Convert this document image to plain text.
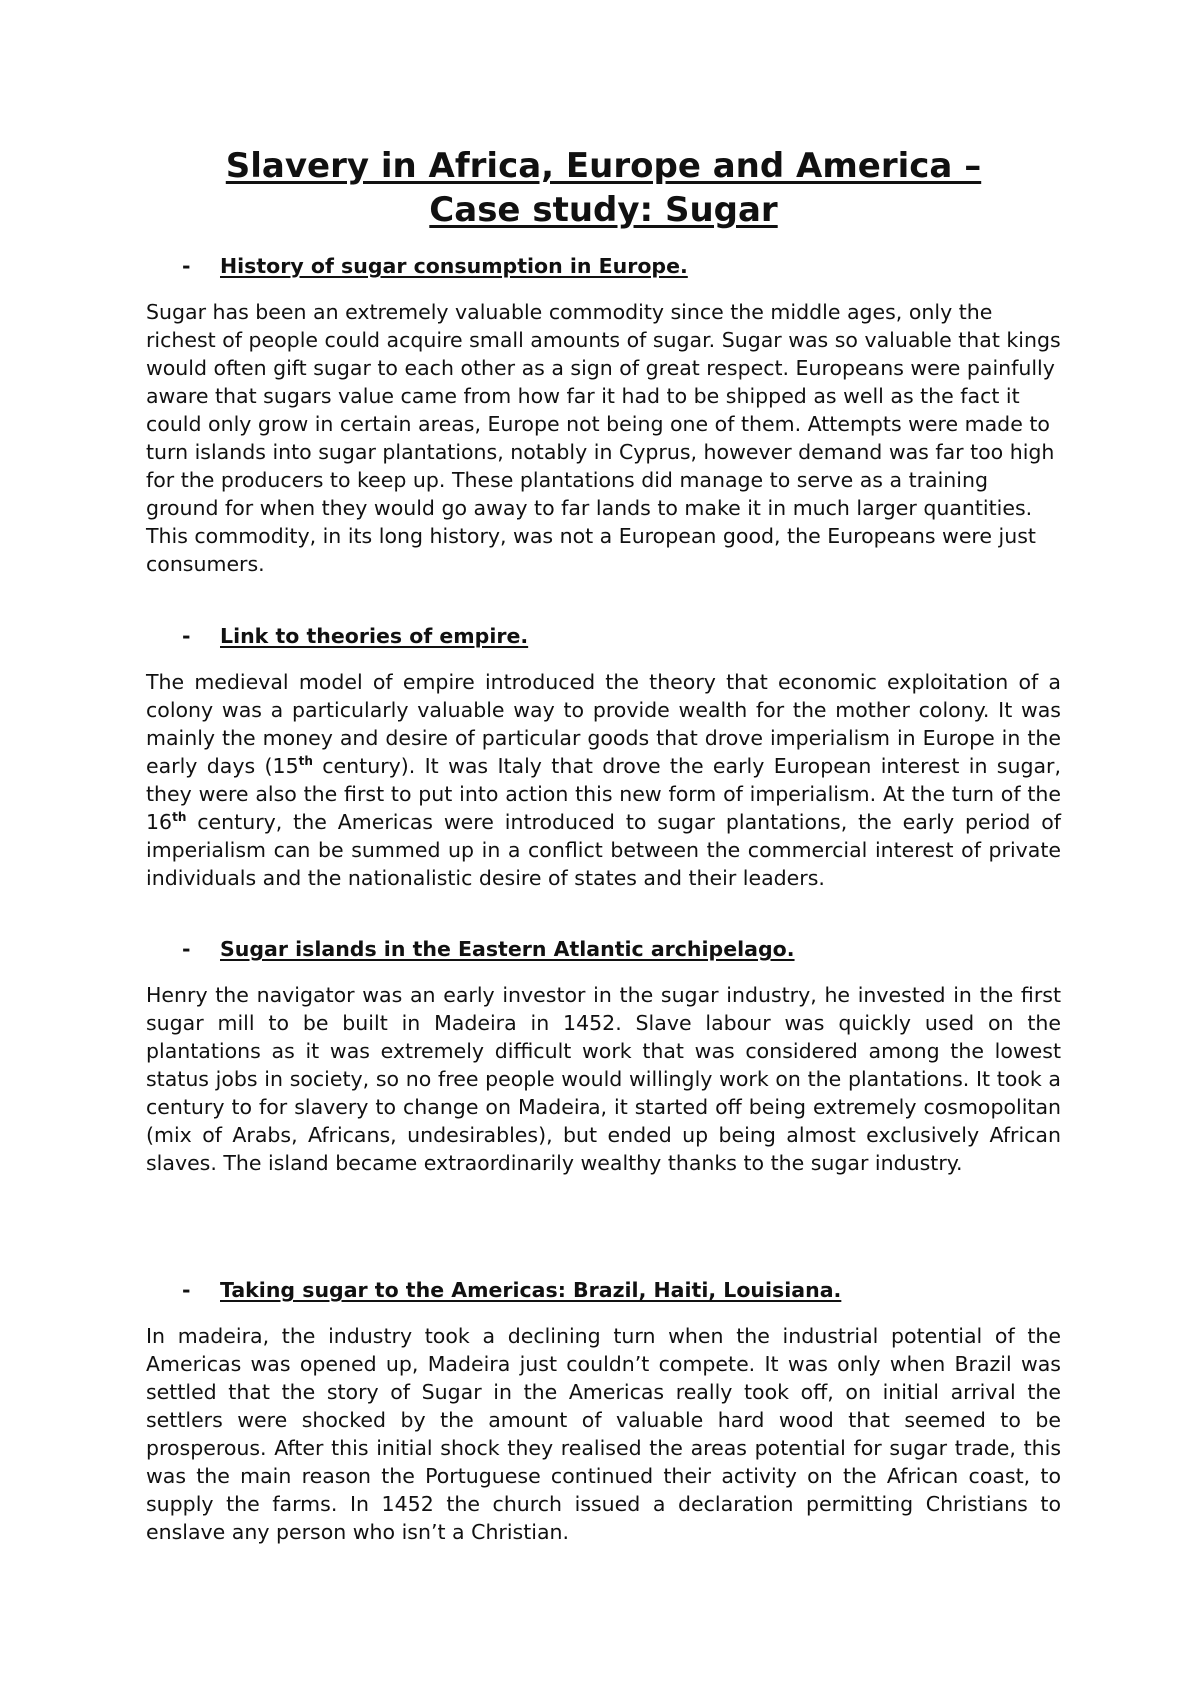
Slavery in Africa, Europe and America –
Case study: Sugar
- History of sugar consumption in Europe.
Sugar has been an extremely valuable commodity since the middle ages, only the richest of people could acquire small amounts of sugar. Sugar was so valuable that kings would often gift sugar to each other as a sign of great respect. Europeans were painfully aware that sugars value came from how far it had to be shipped as well as the fact it could only grow in certain areas, Europe not being one of them. Attempts were made to turn islands into sugar plantations, notably in Cyprus, however demand was far too high for the producers to keep up. These plantations did manage to serve as a training ground for when they would go away to far lands to make it in much larger quantities. This commodity, in its long history, was not a European good, the Europeans were just consumers.
- Link to theories of empire.
The medieval model of empire introduced the theory that economic exploitation of a colony was a particularly valuable way to provide wealth for the mother colony. It was mainly the money and desire of particular goods that drove imperialism in Europe in the early days (15th century). It was Italy that drove the early European interest in sugar, they were also the first to put into action this new form of imperialism. At the turn of the 16th century, the Americas were introduced to sugar plantations, the early period of imperialism can be summed up in a conflict between the commercial interest of private individuals and the nationalistic desire of states and their leaders.
- Sugar islands in the Eastern Atlantic archipelago.
Henry the navigator was an early investor in the sugar industry, he invested in the first sugar mill to be built in Madeira in 1452. Slave labour was quickly used on the plantations as it was extremely difficult work that was considered among the lowest status jobs in society, so no free people would willingly work on the plantations. It took a century to for slavery to change on Madeira, it started off being extremely cosmopolitan (mix of Arabs, Africans, undesirables), but ended up being almost exclusively African slaves. The island became extraordinarily wealthy thanks to the sugar industry.
- Taking sugar to the Americas: Brazil, Haiti, Louisiana.
In madeira, the industry took a declining turn when the industrial potential of the Americas was opened up, Madeira just couldn’t compete. It was only when Brazil was settled that the story of Sugar in the Americas really took off, on initial arrival the settlers were shocked by the amount of valuable hard wood that seemed to be prosperous. After this initial shock they realised the areas potential for sugar trade, this was the main reason the Portuguese continued their activity on the African coast, to supply the farms. In 1452 the church issued a declaration permitting Christians to enslave any person who isn’t a Christian.
